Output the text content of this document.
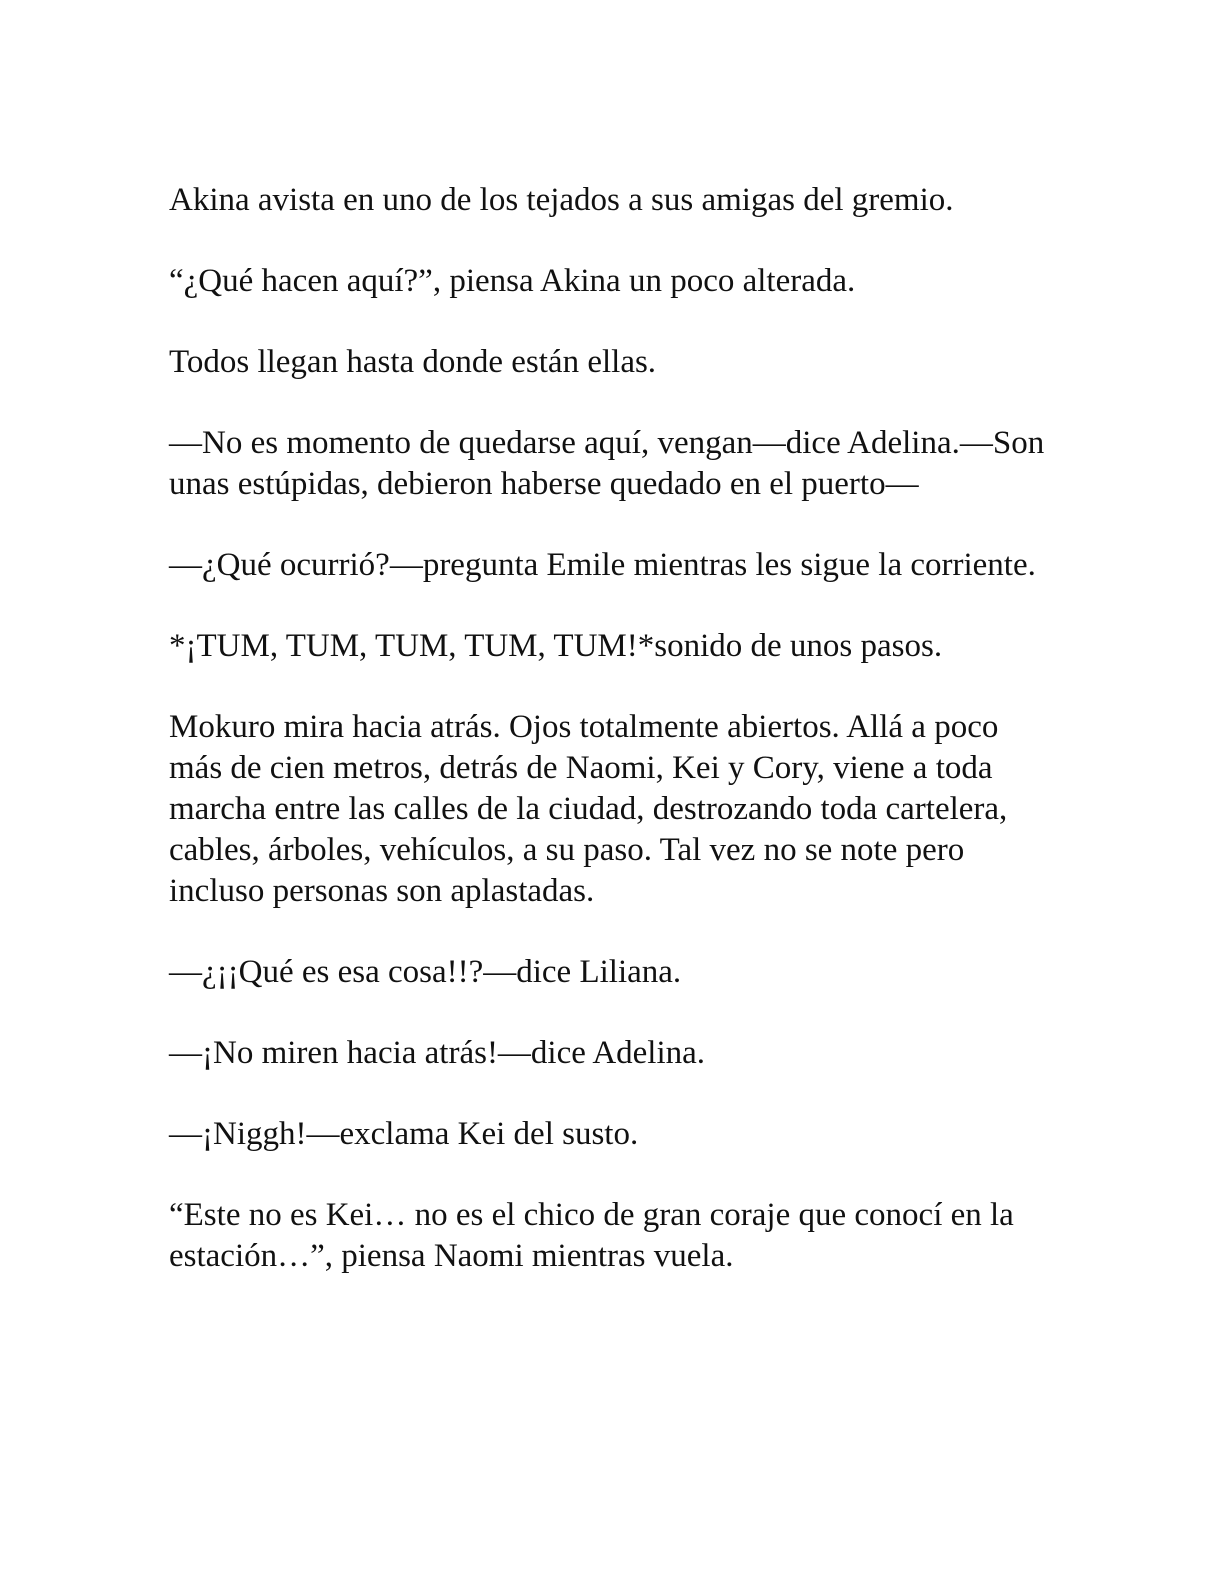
Akina avista en uno de los tejados a sus amigas del gremio.

“¿Qué hacen aquí?”, piensa Akina un poco alterada.

Todos llegan hasta donde están ellas.

—No es momento de quedarse aquí, vengan—dice Adelina.—Son unas estúpidas, debieron haberse quedado en el puerto—

—¿Qué ocurrió?—pregunta Emile mientras les sigue la corriente.

*¡TUM, TUM, TUM, TUM, TUM!*sonido de unos pasos.

Mokuro mira hacia atrás. Ojos totalmente abiertos. Allá a poco más de cien metros, detrás de Naomi, Kei y Cory, viene a toda marcha entre las calles de la ciudad, destrozando toda cartelera, cables, árboles, vehículos, a su paso. Tal vez no se note pero incluso personas son aplastadas.

—¿¡¡Qué es esa cosa!!?—dice Liliana.

—¡No miren hacia atrás!—dice Adelina.

—¡Niggh!—exclama Kei del susto.

“Este no es Kei… no es el chico de gran coraje que conocí en la estación…”, piensa Naomi mientras vuela.
